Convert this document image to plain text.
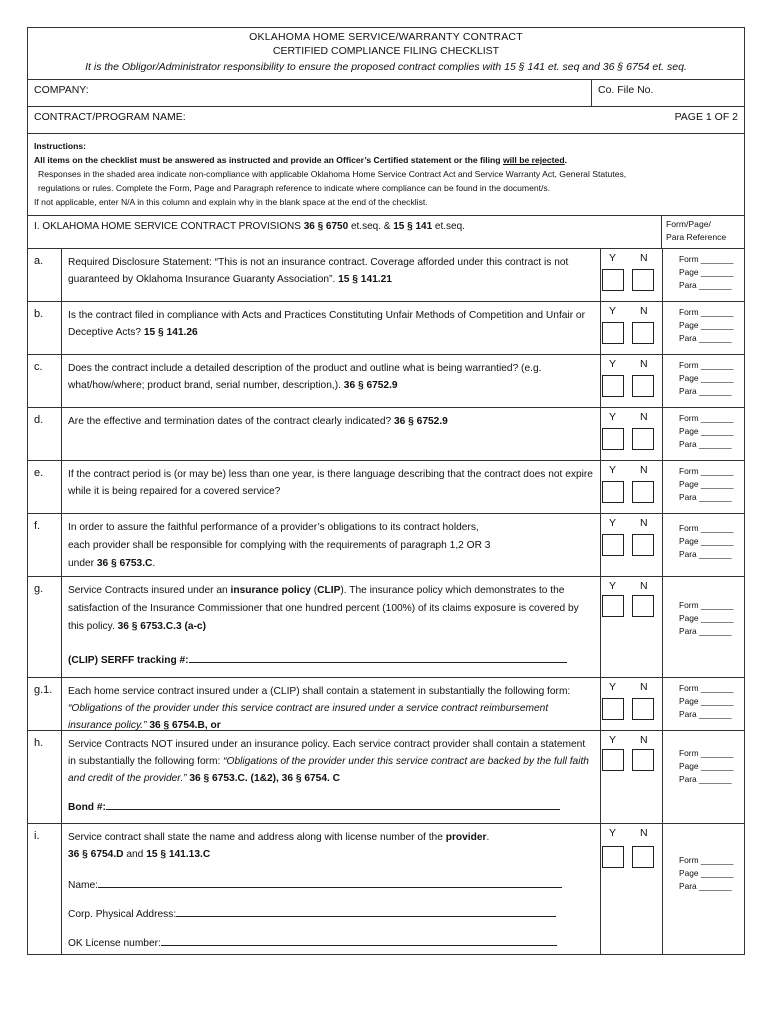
OKLAHOMA HOME SERVICE/WARRANTY CONTRACT
CERTIFIED COMPLIANCE FILING CHECKLIST
It is the Obligor/Administrator responsibility to ensure the proposed contract complies with 15 § 141 et. seq and 36 § 6754 et. seq.
COMPANY:	Co. File No.
CONTRACT/PROGRAM NAME:	PAGE 1 OF 2
Instructions:
All items on the checklist must be answered as instructed and provide an Officer’s Certified statement or the filing will be rejected.
Responses in the shaded area indicate non-compliance with applicable Oklahoma Home Service Contract Act and Service Warranty Act, General Statutes,
regulations or rules. Complete the Form, Page and Paragraph reference to indicate where compliance can be found in the document/s.
If not applicable, enter N/A in this column and explain why in the blank space at the end of the checklist.
I. OKLAHOMA HOME SERVICE CONTRACT PROVISIONS 36 § 6750 et.seq. & 15 § 141 et.seq.	Form/Page/
Para Reference
a.	Required Disclosure Statement: “This is not an insurance contract. Coverage afforded under this contract is not guaranteed by Oklahoma Insurance Guaranty Association”. 15 § 141.21
Y N	Form _______
Page _______
Para _______
b.	Is the contract filed in compliance with Acts and Practices Constituting Unfair Methods of Competition and Unfair or Deceptive Acts? 15 § 141.26
Y N	Form _______
Page _______
Para _______
c.	Does the contract include a detailed description of the product and outline what is being warrantied? (e.g. what/how/where; product brand, serial number, description,). 36 § 6752.9
Y N	Form _______
Page _______
Para _______
d.	Are the effective and termination dates of the contract clearly indicated? 36 § 6752.9	Y N	Form _______
Page _______
Para _______
e.	If the contract period is (or may be) less than one year, is there language describing that the contract does not expire while it is being repaired for a covered service?
Y N	Form _______
Page _______
Para _______
f.	In order to assure the faithful performance of a provider’s obligations to its contract holders,
each provider shall be responsible for complying with the requirements of paragraph 1,2 OR 3
under 36 § 6753.C.
Y N	Form _______
Page _______
Para _______
g.	Service Contracts insured under an insurance policy (CLIP). The insurance policy which demonstrates to the satisfaction of the Insurance Commissioner that one hundred percent (100%) of its claims exposure is covered by this policy. 36 § 6753.C.3 (a-c)
(CLIP) SERFF tracking #:
Y N
Form _______
Page _______
Para _______
g.1.	Each home service contract insured under a (CLIP) shall contain a statement in substantially the following form: “Obligations of the provider under this service contract are insured under a service contract reimbursement insurance policy.” 36 § 6754.B, or
Y N	Form _______
Page _______
Para _______
h.	Service Contracts NOT insured under an insurance policy. Each service contract provider shall contain a statement in substantially the following form: “Obligations of the provider under this service contract are backed by the full faith and credit of the provider.” 36 § 6753.C. (1&2), 36 § 6754. C
Bond #:
Y N
Form _______
Page _______
Para _______
i.	Service contract shall state the name and address along with license number of the provider.
36 § 6754.D and 15 § 141.13.C
Name:
Corp. Physical Address:
OK License number:
Y N
Form _______
Page _______
Para _______
